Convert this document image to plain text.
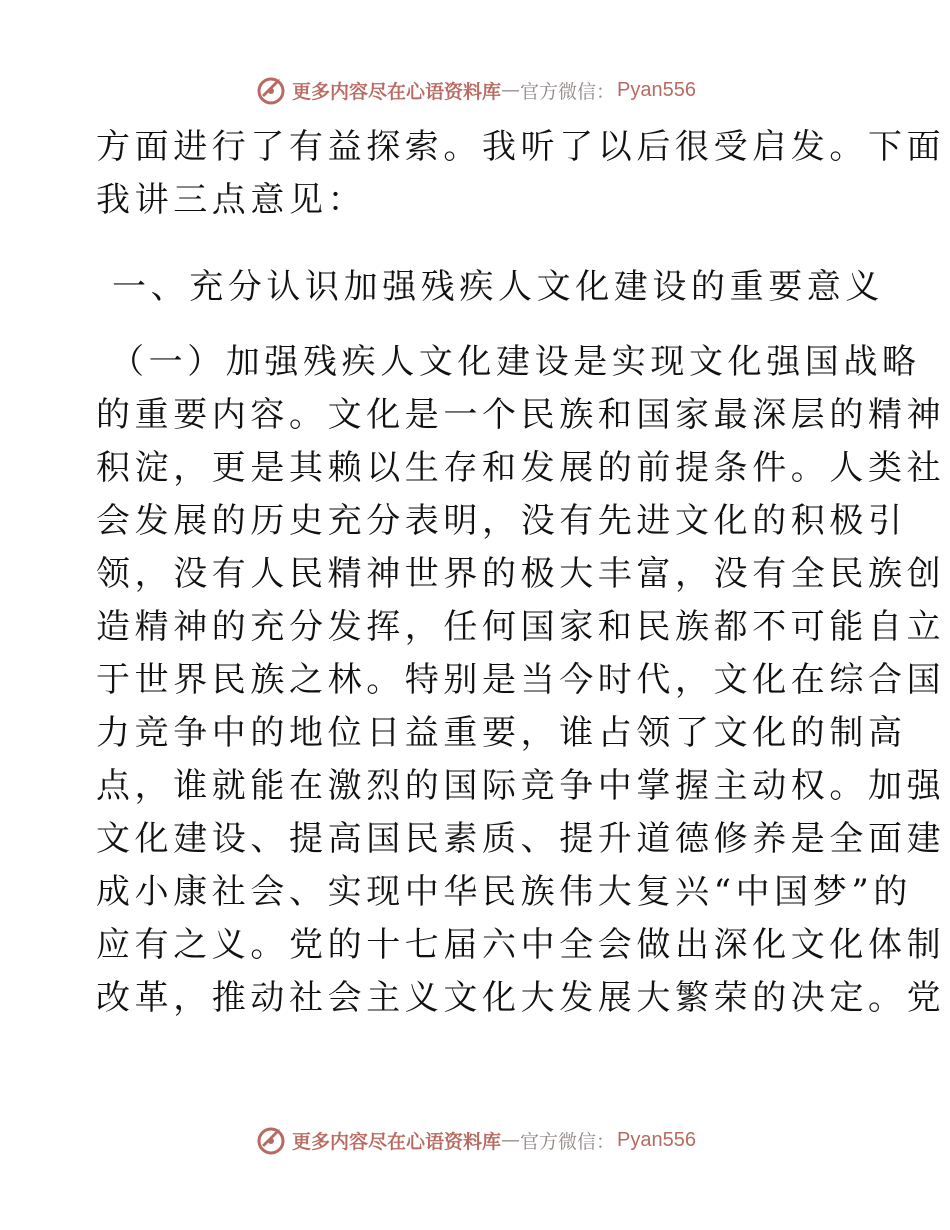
更多内容尽在心语资料库 — 官方微信： Pyan556
方面进行了有益探索。我听了以后很受启发。下面
我讲三点意见：
一、充分认识加强残疾人文化建设的重要意义
（一）加强残疾人文化建设是实现文化强国战略
的重要内容。文化是一个民族和国家最深层的精神
积淀，更是其赖以生存和发展的前提条件。人类社
会发展的历史充分表明，没有先进文化的积极引
领，没有人民精神世界的极大丰富，没有全民族创
造精神的充分发挥，任何国家和民族都不可能自立
于世界民族之林。特别是当今时代，文化在综合国
力竞争中的地位日益重要，谁占领了文化的制高
点，谁就能在激烈的国际竞争中掌握主动权。加强
文化建设、提高国民素质、提升道德修养是全面建
成小康社会、实现中华民族伟大复兴“中国梦”的
应有之义。党的十七届六中全会做出深化文化体制
改革，推动社会主义文化大发展大繁荣的决定。党
更多内容尽在心语资料库 — 官方微信： Pyan556
